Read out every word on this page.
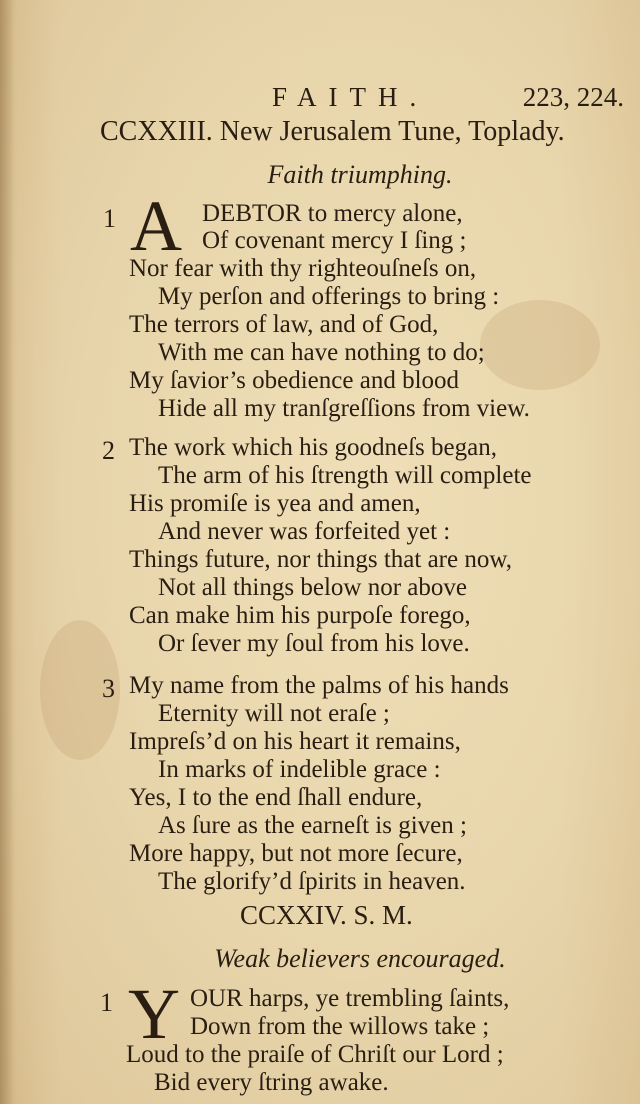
FAITH.	223, 224.
CCXXIII. New Jerusalem Tune, Toplady.
Faith triumphing.
1 A DEBTOR to mercy alone,
Of covenant mercy I ſing ;
Nor fear with thy righteouſneſs on,
My perſon and offerings to bring :
The terrors of law, and of God,
With me can have nothing to do;
My ſavior’s obedience and blood
Hide all my tranſgreſſions from view.
2 The work which his goodneſs began,
The arm of his ſtrength will complete
His promiſe is yea and amen,
And never was forfeited yet :
Things future, nor things that are now,
Not all things below nor above
Can make him his purpoſe forego,
Or ſever my ſoul from his love.
3 My name from the palms of his hands
Eternity will not eraſe ;
Impreſs’d on his heart it remains,
In marks of indelible grace :
Yes, I to the end ſhall endure,
As ſure as the earneſt is given ;
More happy, but not more ſecure,
The glorify’d ſpirits in heaven.
CCXXIV. S. M.
Weak believers encouraged.
1 Y OUR harps, ye trembling ſaints,
Down from the willows take ;
Loud to the praiſe of Chriſt our Lord ;
Bid every ſtring awake.
